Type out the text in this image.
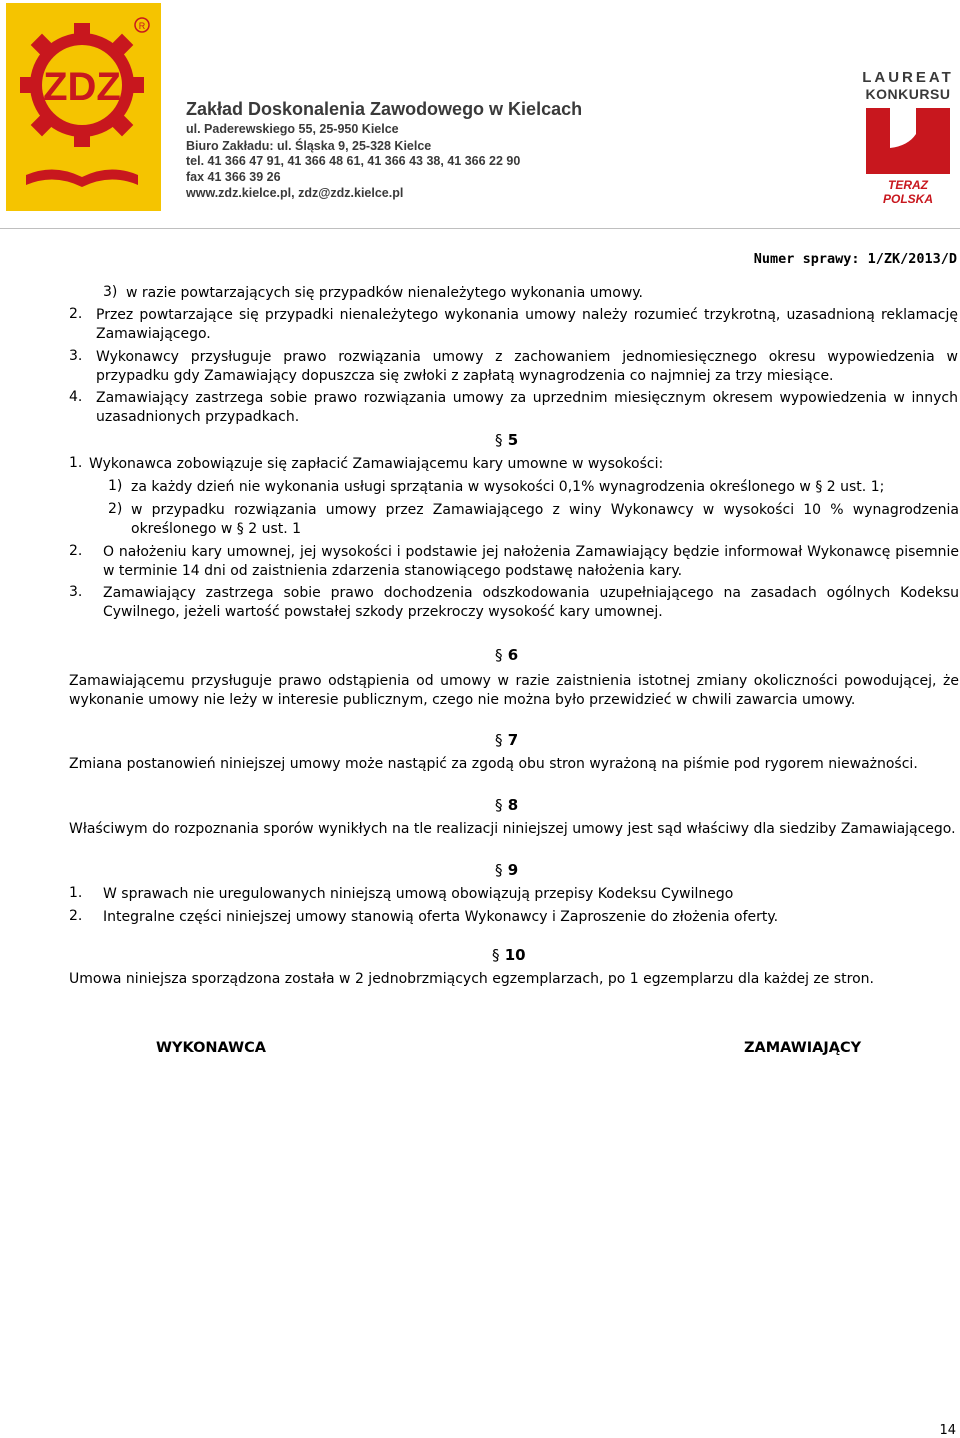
ZDZ
R
Zakład Doskonalenia Zawodowego w Kielcach
ul. Paderewskiego 55, 25-950 Kielce
Biuro Zakładu: ul. Śląska 9, 25-328 Kielce
tel. 41 366 47 91, 41 366 48 61, 41 366 43 38, 41 366 22 90
fax 41 366 39 26
www.zdz.kielce.pl, zdz@zdz.kielce.pl
LAUREAT
KONKURSU
TERAZ POLSKA
Numer sprawy: 1/ZK/2013/D
3) w razie powtarzających się przypadków nienależytego wykonania umowy.
2. Przez powtarzające się przypadki nienależytego wykonania umowy należy rozumieć trzykrotną, uzasadnioną reklamację Zamawiającego.
3. Wykonawcy przysługuje prawo rozwiązania umowy z zachowaniem jednomiesięcznego okresu wypowiedzenia w przypadku gdy Zamawiający dopuszcza się zwłoki z zapłatą wynagrodzenia co najmniej za trzy miesiące.
4. Zamawiający zastrzega sobie prawo rozwiązania umowy za uprzednim miesięcznym okresem wypowiedzenia w innych uzasadnionych przypadkach.
§ 5
1. Wykonawca zobowiązuje się zapłacić Zamawiającemu kary umowne w wysokości:
1) za każdy dzień nie wykonania usługi sprzątania w wysokości 0,1% wynagrodzenia określonego w § 2 ust. 1;
2) w przypadku rozwiązania umowy przez Zamawiającego z winy Wykonawcy w wysokości 10 % wynagrodzenia określonego w § 2 ust. 1
2. O nałożeniu kary umownej, jej wysokości i podstawie jej nałożenia Zamawiający będzie informował Wykonawcę pisemnie w terminie 14 dni od zaistnienia zdarzenia stanowiącego podstawę nałożenia kary.
3. Zamawiający zastrzega sobie prawo dochodzenia odszkodowania uzupełniającego na zasadach ogólnych Kodeksu Cywilnego, jeżeli wartość powstałej szkody przekroczy wysokość kary umownej.
§ 6
Zamawiającemu przysługuje prawo odstąpienia od umowy w razie zaistnienia istotnej zmiany okoliczności powodującej, że wykonanie umowy nie leży w interesie publicznym, czego nie można było przewidzieć w chwili zawarcia umowy.
§ 7
Zmiana postanowień niniejszej umowy może nastąpić za zgodą obu stron wyrażoną na piśmie pod rygorem nieważności.
§ 8
Właściwym do rozpoznania sporów wynikłych na tle realizacji niniejszej umowy jest sąd właściwy dla siedziby Zamawiającego.
§ 9
1. W sprawach nie uregulowanych niniejszą umową obowiązują przepisy Kodeksu Cywilnego
2. Integralne części niniejszej umowy stanowią oferta Wykonawcy i Zaproszenie do złożenia oferty.
§ 10
Umowa niniejsza sporządzona została w 2 jednobrzmiących egzemplarzach, po 1 egzemplarzu dla każdej ze stron.
WYKONAWCA	ZAMAWIAJĄCY
14
